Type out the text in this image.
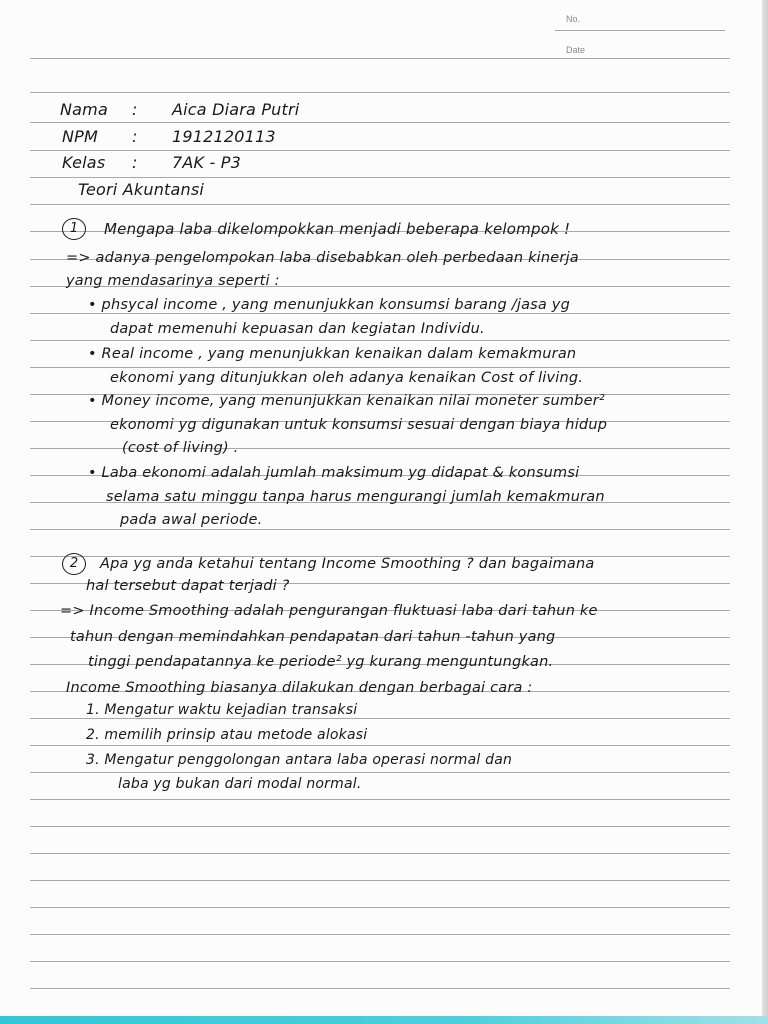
No.
Date
Nama : Aica Diara Putri
NPM : 1912120113
Kelas : 7AK - P3
Teori Akuntansi
1	Mengapa laba dikelompokkan menjadi beberapa kelompok !
=> adanya pengelompokan laba disebabkan oleh perbedaan kinerja
yang mendasarinya seperti :
• phsycal income , yang menunjukkan konsumsi barang /jasa yg
dapat memenuhi kepuasan dan kegiatan Individu.
• Real income , yang menunjukkan kenaikan dalam kemakmuran
ekonomi yang ditunjukkan oleh adanya kenaikan Cost of living.
• Money income, yang menunjukkan kenaikan nilai moneter sumber²
ekonomi yg digunakan untuk konsumsi sesuai dengan biaya hidup
(cost of living) .
• Laba ekonomi adalah jumlah maksimum yg didapat & konsumsi
selama satu minggu tanpa harus mengurangi jumlah kemakmuran
pada awal periode.
2	Apa yg anda ketahui tentang Income Smoothing ? dan bagaimana
hal tersebut dapat terjadi ?
=> Income Smoothing adalah pengurangan fluktuasi laba dari tahun ke
tahun dengan memindahkan pendapatan dari tahun -tahun yang
tinggi pendapatannya ke periode² yg kurang menguntungkan.
Income Smoothing biasanya dilakukan dengan berbagai cara :
1. Mengatur waktu kejadian transaksi
2. memilih prinsip atau metode alokasi
3. Mengatur penggolongan antara laba operasi normal dan
laba yg bukan dari modal normal.
